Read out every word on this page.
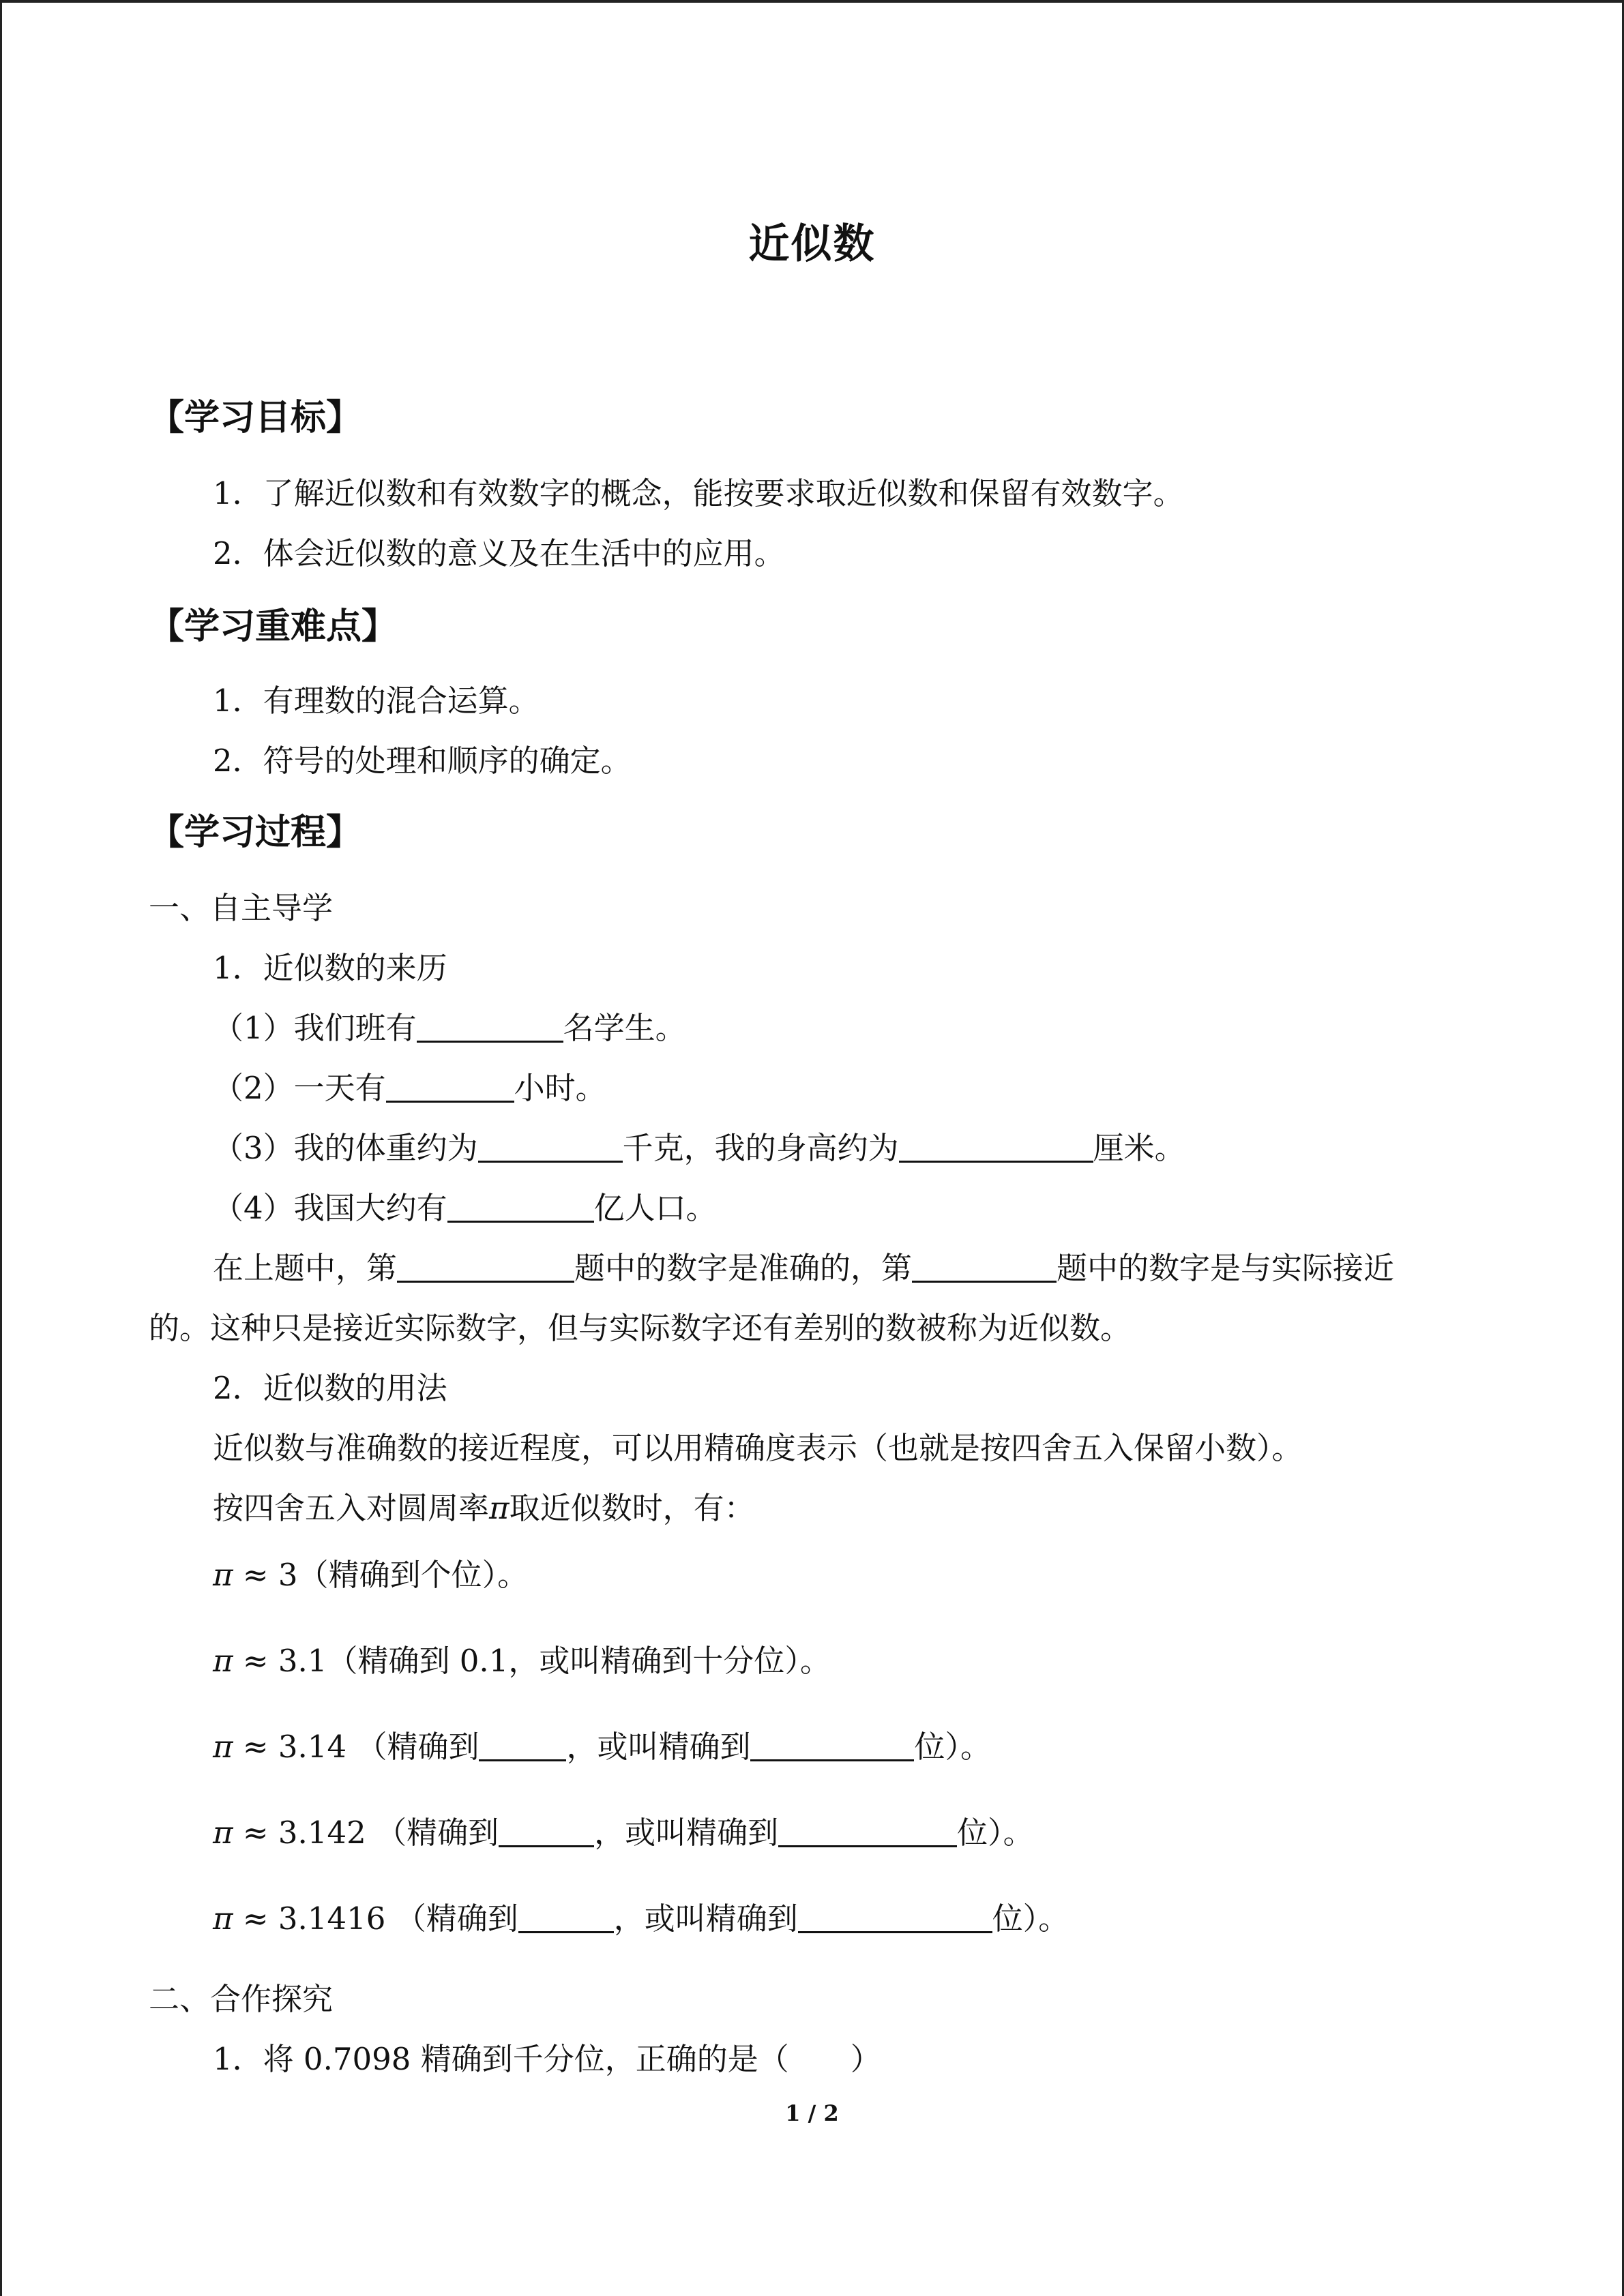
近似数
【学习目标】
1．了解近似数和有效数字的概念，能按要求取近似数和保留有效数字。
2．体会近似数的意义及在生活中的应用。
【学习重难点】
1．有理数的混合运算。
2．符号的处理和顺序的确定。
【学习过程】
一、自主导学
1．近似数的来历
（1）我们班有	名学生。
（2）一天有	小时。
（3）我的体重约为	千克，我的身高约为	厘米。
（4）我国大约有	亿人口。
在上题中，第	题中的数字是准确的，第	题中的数字是与实际接近
的。这种只是接近实际数字，但与实际数字还有差别的数被称为近似数。
2．近似数的用法
近似数与准确数的接近程度，可以用精确度表示（也就是按四舍五入保留小数）。
按四舍五入对圆周率π取近似数时，有：
π ≈ 3（精确到个位）。
π ≈ 3.1（精确到 0.1，或叫精确到十分位）。
π ≈ 3.14 （精确到	，或叫精确到	位）。
π ≈ 3.142 （精确到	，或叫精确到	位）。
π ≈ 3.1416 （精确到	，或叫精确到	位）。
二、合作探究
1．将 0.7098 精确到千分位，正确的是（ ）
1 / 2
